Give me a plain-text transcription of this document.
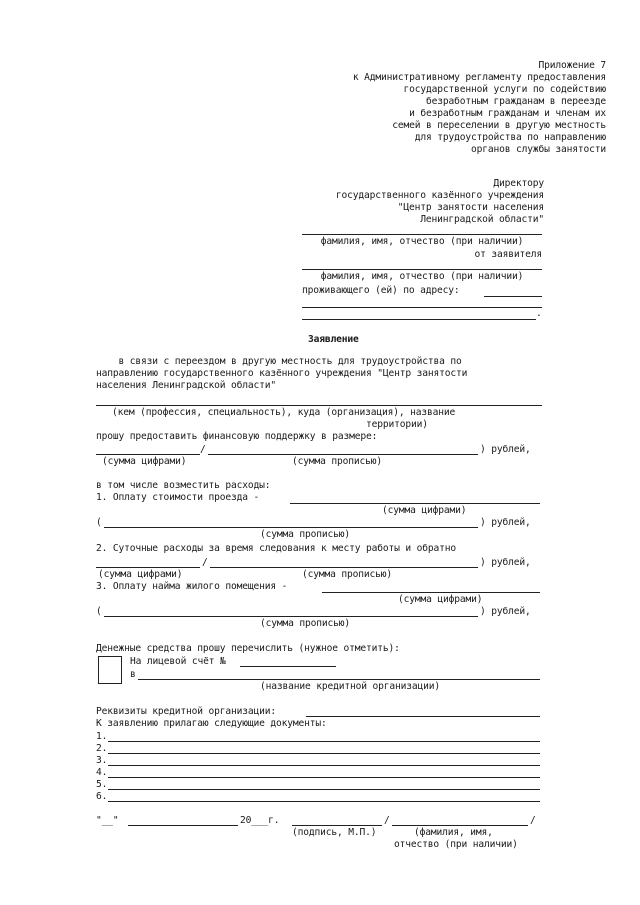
Приложение 7
к Административному регламенту предоставления
государственной услуги по содействию
безработным гражданам в переезде
и безработным гражданам и членам их
семей в переселении в другую местность
для трудоустройства по направлению
органов службы занятости
Директору
государственного казённого учреждения
"Центр занятости населения
Ленинградской области"
фамилия, имя, отчество (при наличии)
от заявителя
фамилия, имя, отчество (при наличии)
проживающего (ей) по адресу:
.
Заявление
в связи с переездом в другую местность для трудоустройства по
направлению государственного казённого учреждения "Центр занятости
населения Ленинградской области"
(кем (профессия, специальность), куда (организация), название
территории)
прошу предоставить финансовую поддержку в размере:
/	) рублей,
(сумма цифрами)	(сумма прописью)
в том числе возместить расходы:
1. Оплату стоимости проезда -
(сумма цифрами)
(	) рублей,
(сумма прописью)
2. Суточные расходы за время следования к месту работы и обратно
/	) рублей,
(сумма цифрами)	(сумма прописью)
3. Оплату найма жилого помещения -
(сумма цифрами)
(	) рублей,
(сумма прописью)
Денежные средства прошу перечислить (нужное отметить):
На лицевой счёт №
в
(название кредитной организации)
Реквизиты кредитной организации:
К заявлению прилагаю следующие документы:
1.
2.
3.
4.
5.
6.
"__"	20___г.	/	/
(подпись, М.П.)	(фамилия, имя,
отчество (при наличии)
